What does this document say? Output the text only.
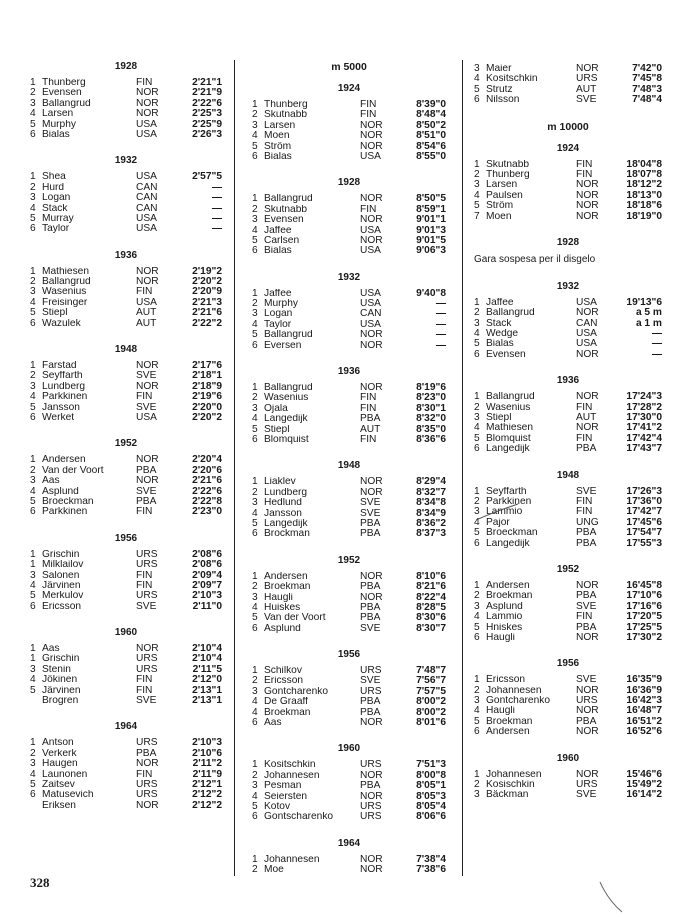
1928
1 Thunberg	FIN	2'21"1
2 Evensen	NOR	2'21"9
3 Ballangrud	NOR	2'22"6
4 Larsen	NOR	2'25"3
5 Murphy	USA	2'25"9
6 Bialas	USA	2'26"3
1932
1 Shea	USA	2'57"5
2 Hurd	CAN	—
3 Logan	CAN	—
4 Stack	CAN	—
5 Murray	USA	—
6 Taylor	USA	—
1936
1 Mathiesen	NOR	2'19"2
2 Ballangrud	NOR	2'20"2
3 Wasenius	FIN	2'20"9
4 Freisinger	USA	2'21"3
5 Stiepl	AUT	2'21"6
6 Wazulek	AUT	2'22"2
1948
1 Farstad	NOR	2'17"6
2 Seyffarth	SVE	2'18"1
3 Lundberg	NOR	2'18"9
4 Parkkinen	FIN	2'19"6
5 Jansson	SVE	2'20"0
6 Werket	USA	2'20"2
1952
1 Andersen	NOR	2'20"4
2 Van der Voort	PBA	2'20"6
3 Aas	NOR	2'21"6
4 Asplund	SVE	2'22"6
5 Broeckman	PBA	2'22"8
6 Parkkinen	FIN	2'23"0
1956
1 Grischin	URS	2'08"6
1 Milklailov	URS	2'08"6
3 Salonen	FIN	2'09"4
4 Järvinen	FIN	2'09"7
5 Merkulov	URS	2'10"3
6 Ericsson	SVE	2'11"0
1960
1 Aas	NOR	2'10"4
1 Grischin	URS	2'10"4
3 Stenin	URS	2'11"5
4 Jökinen	FIN	2'12"0
5 Järvinen	FIN	2'13"1
Brogren	SVE	2'13"1
1964
1 Antson	URS	2'10"3
2 Verkerk	PBA	2'10"6
3 Haugen	NOR	2'11"2
4 Launonen	FIN	2'11"9
5 Zaitsev	URS	2'12"1
6 Matusevich	URS	2'12"2
Eriksen	NOR	2'12"2
m 5000
1924
1 Thunberg	FIN	8'39"0
2 Skutnabb	FIN	8'48"4
3 Larsen	NOR	8'50"2
4 Moen	NOR	8'51"0
5 Ström	NOR	8'54"6
6 Bialas	USA	8'55"0
1928
1 Ballangrud	NOR	8'50"5
2 Skutnabb	FIN	8'59"1
3 Evensen	NOR	9'01"1
4 Jaffee	USA	9'01"3
5 Carlsen	NOR	9'01"5
6 Bialas	USA	9'06"3
1932
1 Jaffee	USA	9'40"8
2 Murphy	USA	—
3 Logan	CAN	—
4 Taylor	USA	—
5 Ballangrud	NOR	—
6 Eversen	NOR	—
1936
1 Ballangrud	NOR	8'19"6
2 Wasenius	FIN	8'23"0
3 Ojala	FIN	8'30"1
4 Langedijk	PBA	8'32"0
5 Stiepl	AUT	8'35"0
6 Blomquist	FIN	8'36"6
1948
1 Liaklev	NOR	8'29"4
2 Lundberg	NOR	8'32"7
3 Hedlund	SVE	8'34"8
4 Jansson	SVE	8'34"9
5 Langedijk	PBA	8'36"2
6 Brockman	PBA	8'37"3
1952
1 Andersen	NOR	8'10"6
2 Broekman	PBA	8'21"6
3 Haugli	NOR	8'22"4
4 Huiskes	PBA	8'28"5
5 Van der Voort	PBA	8'30"6
6 Asplund	SVE	8'30"7
1956
1 Schilkov	URS	7'48"7
2 Ericsson	SVE	7'56"7
3 Gontcharenko	URS	7'57"5
4 De Graaff	PBA	8'00"2
4 Broekman	PBA	8'00"2
6 Aas	NOR	8'01"6
1960
1 Kositschkin	URS	7'51"3
2 Johannesen	NOR	8'00"8
3 Pesman	PBA	8'05"1
4 Seiersten	NOR	8'05"3
5 Kotov	URS	8'05"4
6 Gontscharenko	URS	8'06"6
1964
1 Johannesen	NOR	7'38"4
2 Moe	NOR	7'38"6
3 Maier	NOR	7'42"0
4 Kositschkin	URS	7'45"8
5 Strutz	AUT	7'48"3
6 Nilsson	SVE	7'48"4
m 10000
1924
1 Skutnabb	FIN	18'04"8
2 Thunberg	FIN	18'07"8
3 Larsen	NOR	18'12"2
4 Paulsen	NOR	18'13"0
5 Ström	NOR	18'18"6
7 Moen	NOR	18'19"0
1928
Gara sospesa per il disgelo
1932
1 Jaffee	USA	19'13"6
2 Ballangrud	NOR	a 5 m
3 Stack	CAN	a 1 m
4 Wedge	USA	—
5 Bialas	USA	—
6 Evensen	NOR	—
1936
1 Ballangrud	NOR	17'24"3
2 Wasenius	FIN	17'28"2
3 Stiepl	AUT	17'30"0
4 Mathiesen	NOR	17'41"2
5 Blomquist	FIN	17'42"4
6 Langedijk	PBA	17'43"7
1948
1 Seyffarth	SVE	17'26"3
2 Parkkinen	FIN	17'36"0
3 Lammio	FIN	17'42"7
4 Pajor	UNG	17'45"6
5 Broeckman	PBA	17'54"7
6 Langedijk	PBA	17'55"3
1952
1 Andersen	NOR	16'45"8
2 Broekman	PBA	17'10"6
3 Asplund	SVE	17'16"6
4 Lammio	FIN	17'20"5
5 Hniskes	PBA	17'25"5
6 Haugli	NOR	17'30"2
1956
1 Ericsson	SVE	16'35"9
2 Johannesen	NOR	16'36"9
3 Gontcharenko	URS	16'42"3
4 Haugli	NOR	16'48"7
5 Broekman	PBA	16'51"2
6 Andersen	NOR	16'52"6
1960
1 Johannesen	NOR	15'46"6
2 Kosischkin	URS	15'49"2
3 Bäckman	SVE	16'14"2
328
